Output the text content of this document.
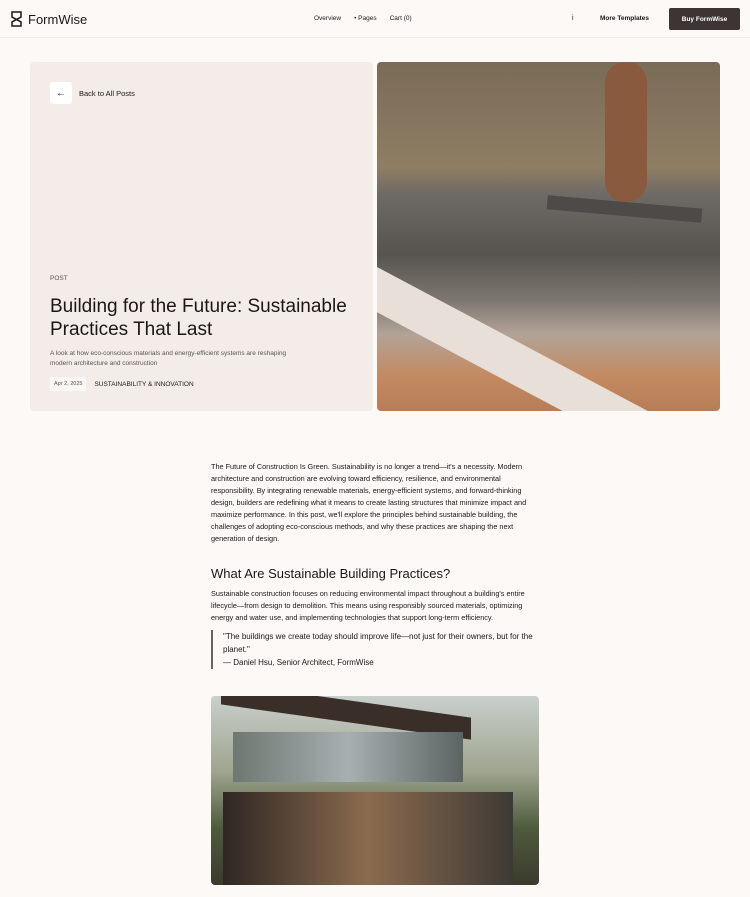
FormWise	Overview • Pages Cart (0)	i	More Templates	Buy FormWise
←	Back to All Posts
POST
Building for the Future: Sustainable Practices That Last

A look at how eco-conscious materials and energy-efficient systems are reshaping modern architecture and construction

Apr 2, 2025	SUSTAINABILITY & INNOVATION

The Future of Construction Is Green. Sustainability is no longer a trend—it's a necessity. Modern architecture and construction are evolving toward efficiency, resilience, and environmental responsibility. By integrating renewable materials, energy-efficient systems, and forward-thinking design, builders are redefining what it means to create lasting structures that minimize impact and maximize performance. In this post, we'll explore the principles behind sustainable building, the challenges of adopting eco-conscious methods, and why these practices are shaping the next generation of design.

What Are Sustainable Building Practices?

Sustainable construction focuses on reducing environmental impact throughout a building's entire lifecycle—from design to demolition. This means using responsibly sourced materials, optimizing energy and water use, and implementing technologies that support long-term efficiency.

"The buildings we create today should improve life—not just for their owners, but for the planet."
— Daniel Hsu, Senior Architect, FormWise
